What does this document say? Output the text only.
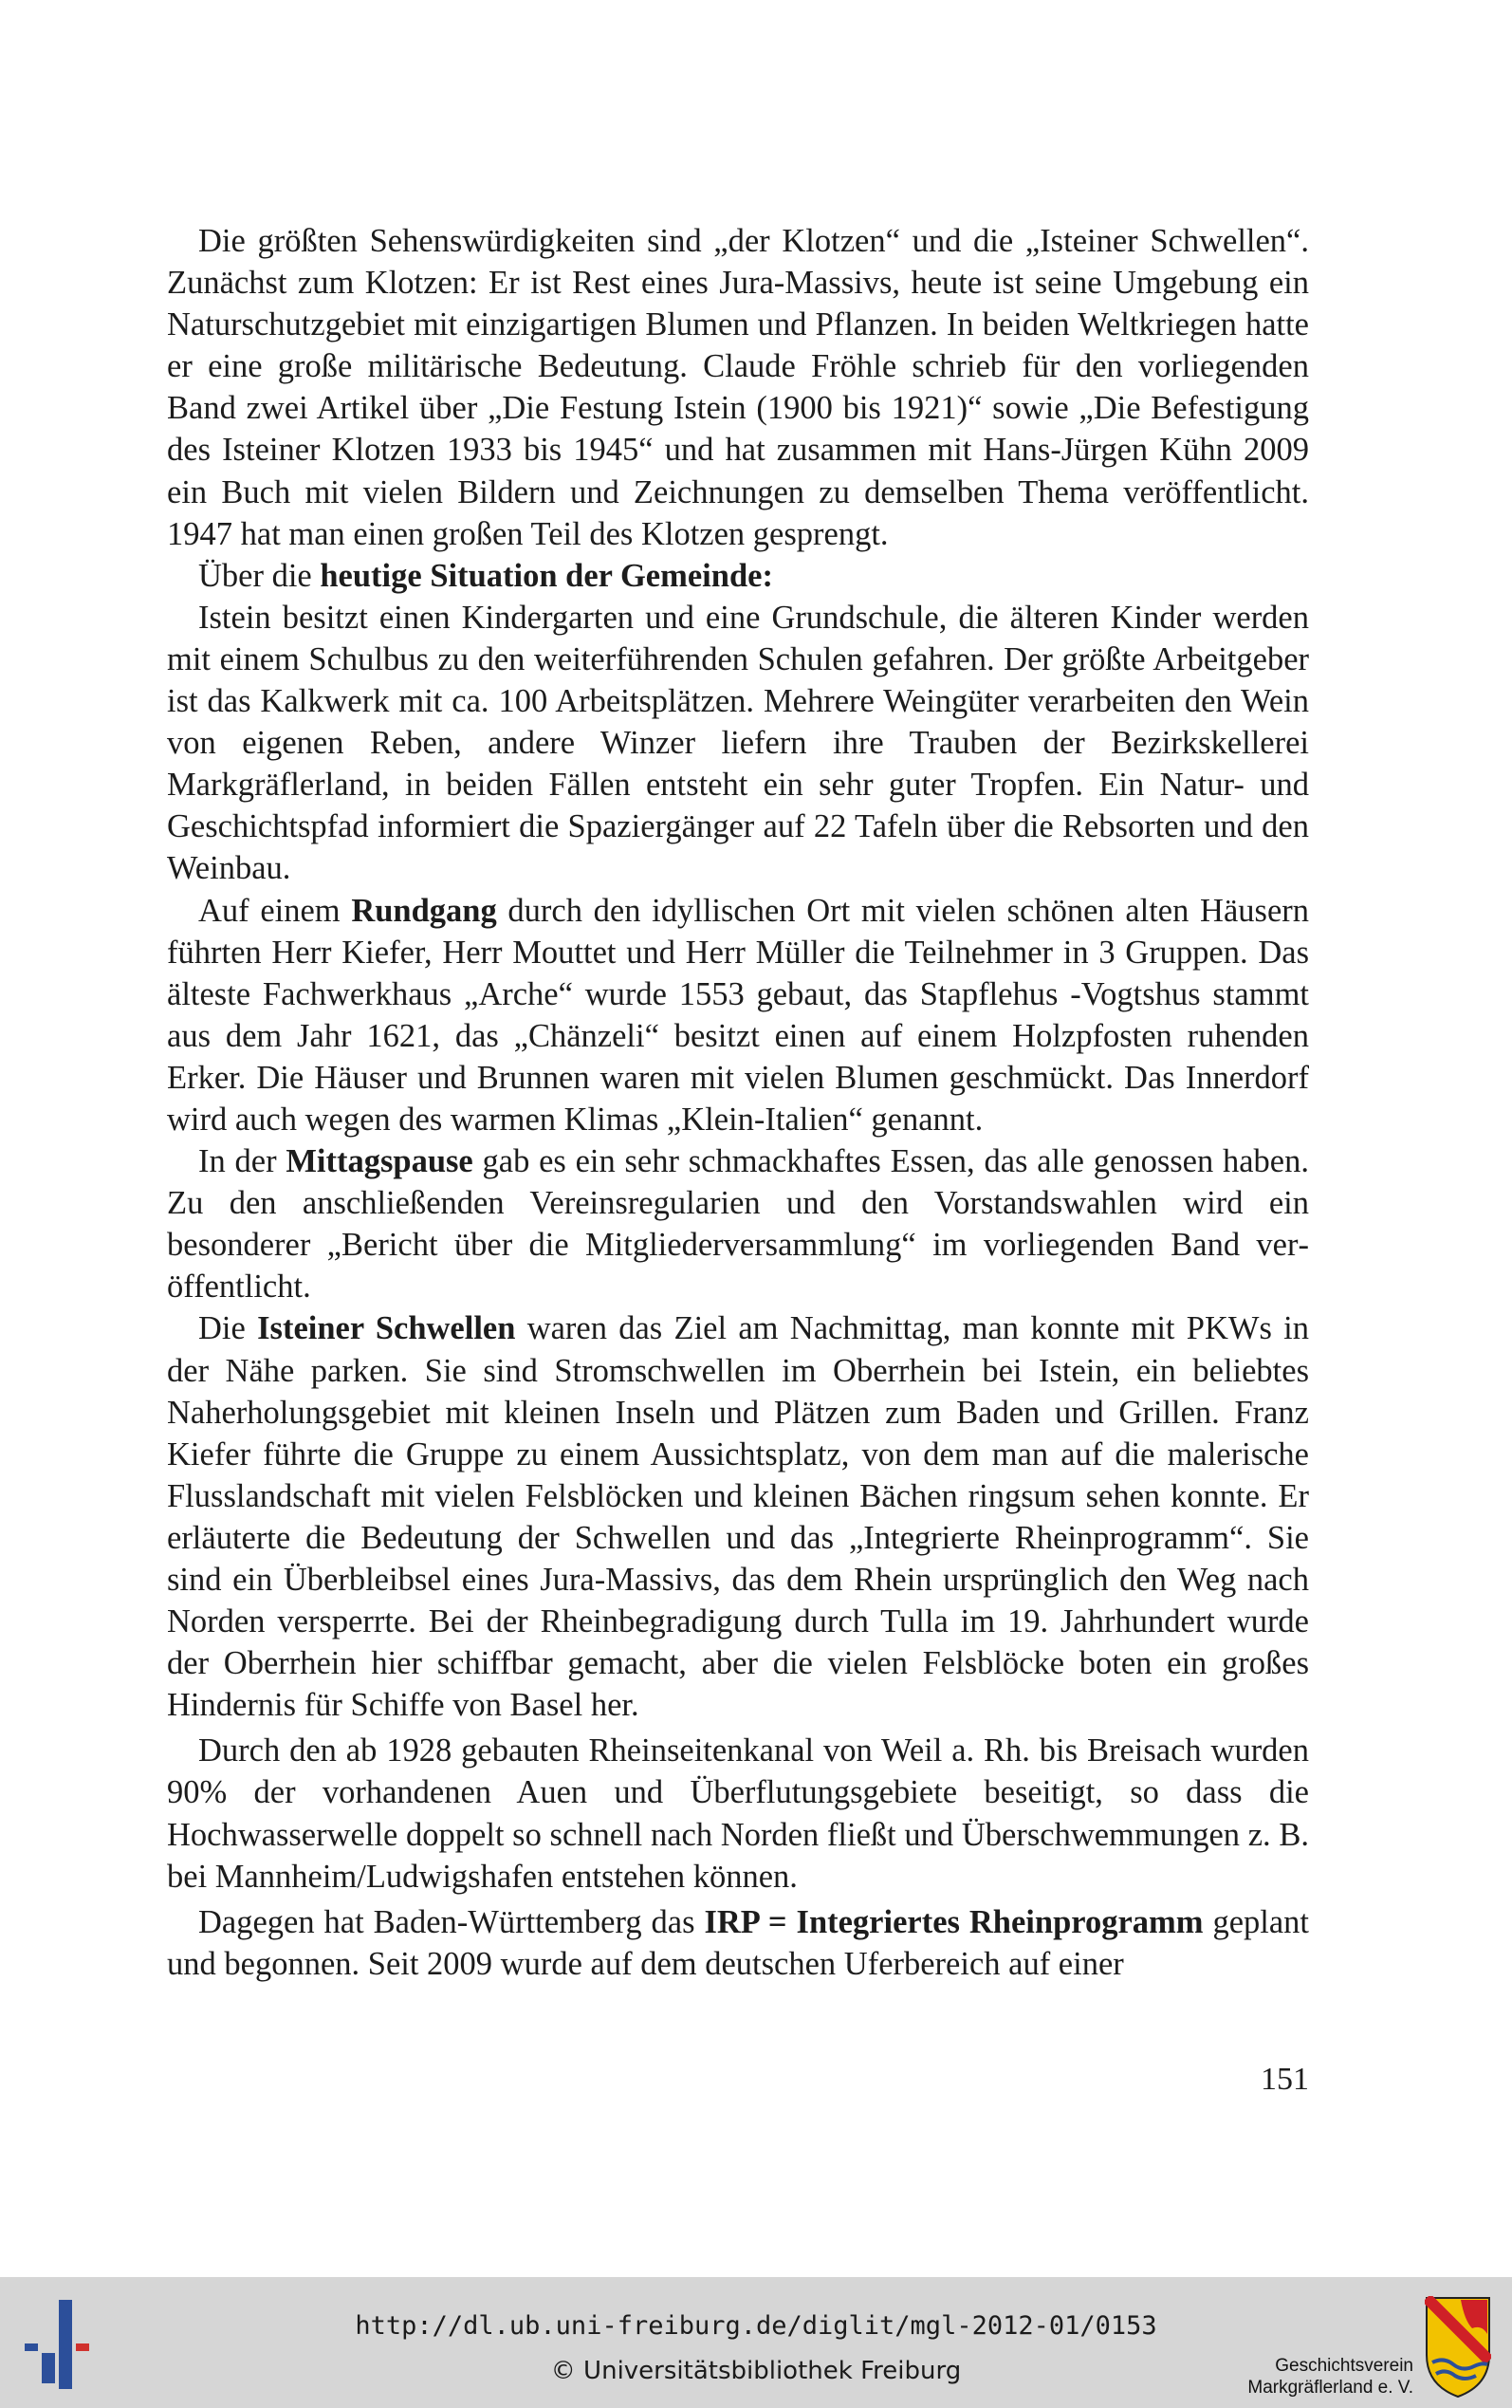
Die größten Sehenswürdigkeiten sind „der Klotzen“ und die „Isteiner Schwellen“. Zunächst zum Klotzen: Er ist Rest eines Jura-Massivs, heute ist seine Umgebung ein Naturschutzgebiet mit einzigartigen Blumen und Pflanzen. In beiden Weltkriegen hatte er eine große militärische Bedeutung. Claude Fröhle schrieb für den vorliegenden Band zwei Artikel über „Die Festung Istein (1900 bis 1921)“ sowie „Die Befestigung des Isteiner Klotzen 1933 bis 1945“ und hat zusammen mit Hans-Jürgen Kühn 2009 ein Buch mit vielen Bildern und Zeichnungen zu demselben Thema veröffentlicht. 1947 hat man einen großen Teil des Klotzen gesprengt.

Über die heutige Situation der Gemeinde:

Istein besitzt einen Kindergarten und eine Grundschule, die älteren Kinder werden mit einem Schulbus zu den weiterführenden Schulen gefahren. Der größte Arbeitgeber ist das Kalkwerk mit ca. 100 Arbeitsplätzen. Mehrere Weingüter verarbeiten den Wein von eigenen Reben, andere Winzer liefern ihre Trauben der Bezirkskellerei Markgräflerland, in beiden Fällen entsteht ein sehr guter Tropfen. Ein Natur- und Geschichtspfad informiert die Spaziergänger auf 22 Tafeln über die Rebsorten und den Weinbau.

Auf einem Rundgang durch den idyllischen Ort mit vielen schönen alten Häusern führten Herr Kiefer, Herr Mouttet und Herr Müller die Teilnehmer in 3 Gruppen. Das älteste Fachwerkhaus „Arche“ wurde 1553 gebaut, das Stapflehus -Vogtshus stammt aus dem Jahr 1621, das „Chänzeli“ besitzt einen auf einem Holzpfosten ruhenden Erker. Die Häuser und Brunnen waren mit vielen Blumen geschmückt. Das Innerdorf wird auch wegen des warmen Klimas „Klein-Italien“ genannt.

In der Mittagspause gab es ein sehr schmackhaftes Essen, das alle genossen haben. Zu den anschließenden Vereinsregularien und den Vorstandswahlen wird ein besonderer „Bericht über die Mitgliederversammlung“ im vorliegenden Band veröffentlicht.

Die Isteiner Schwellen waren das Ziel am Nachmittag, man konnte mit PKWs in der Nähe parken. Sie sind Stromschwellen im Oberrhein bei Istein, ein beliebtes Naherholungsgebiet mit kleinen Inseln und Plätzen zum Baden und Grillen. Franz Kiefer führte die Gruppe zu einem Aussichtsplatz, von dem man auf die malerische Flusslandschaft mit vielen Felsblöcken und kleinen Bächen ringsum sehen konnte. Er erläuterte die Bedeutung der Schwellen und das „Integrierte Rheinprogramm“. Sie sind ein Überbleibsel eines Jura-Massivs, das dem Rhein ursprünglich den Weg nach Norden versperrte. Bei der Rheinbegradigung durch Tulla im 19. Jahrhundert wurde der Oberrhein hier schiffbar gemacht, aber die vielen Felsblöcke boten ein großes Hindernis für Schiffe von Basel her.

Durch den ab 1928 gebauten Rheinseitenkanal von Weil a. Rh. bis Breisach wurden 90% der vorhandenen Auen und Überflutungsgebiete beseitigt, so dass die Hochwasserwelle doppelt so schnell nach Norden fließt und Überschwemmungen z. B. bei Mannheim/Ludwigshafen entstehen können.

Dagegen hat Baden-Württemberg das IRP = Integriertes Rheinprogramm geplant und begonnen. Seit 2009 wurde auf dem deutschen Uferbereich auf einer

151
http://dl.ub.uni-freiburg.de/diglit/mgl-2012-01/0153
© Universitätsbibliothek Freiburg	Geschichtsverein
Markgräflerland e. V.
